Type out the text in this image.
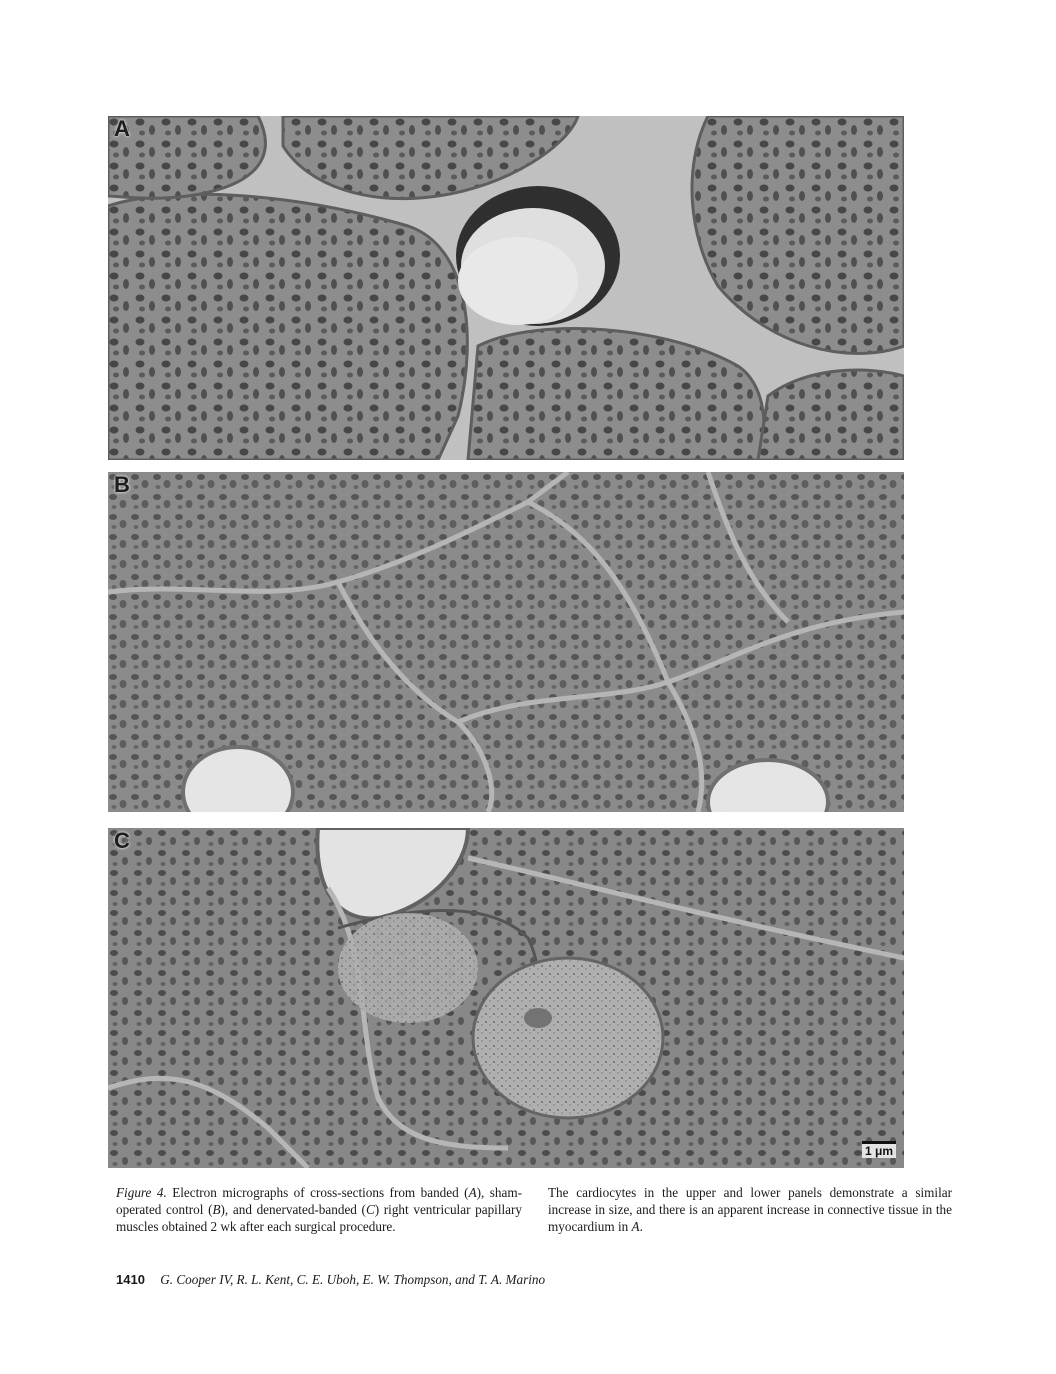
A
B
C
1 μm
Figure 4. Electron micrographs of cross-sections from banded (A), sham-operated control (B), and denervated-banded (C) right ventricular papillary muscles obtained 2 wk after each surgical procedure.
The cardiocytes in the upper and lower panels demonstrate a similar increase in size, and there is an apparent increase in connective tissue in the myocardium in A.
1410 G. Cooper IV, R. L. Kent, C. E. Uboh, E. W. Thompson, and T. A. Marino
